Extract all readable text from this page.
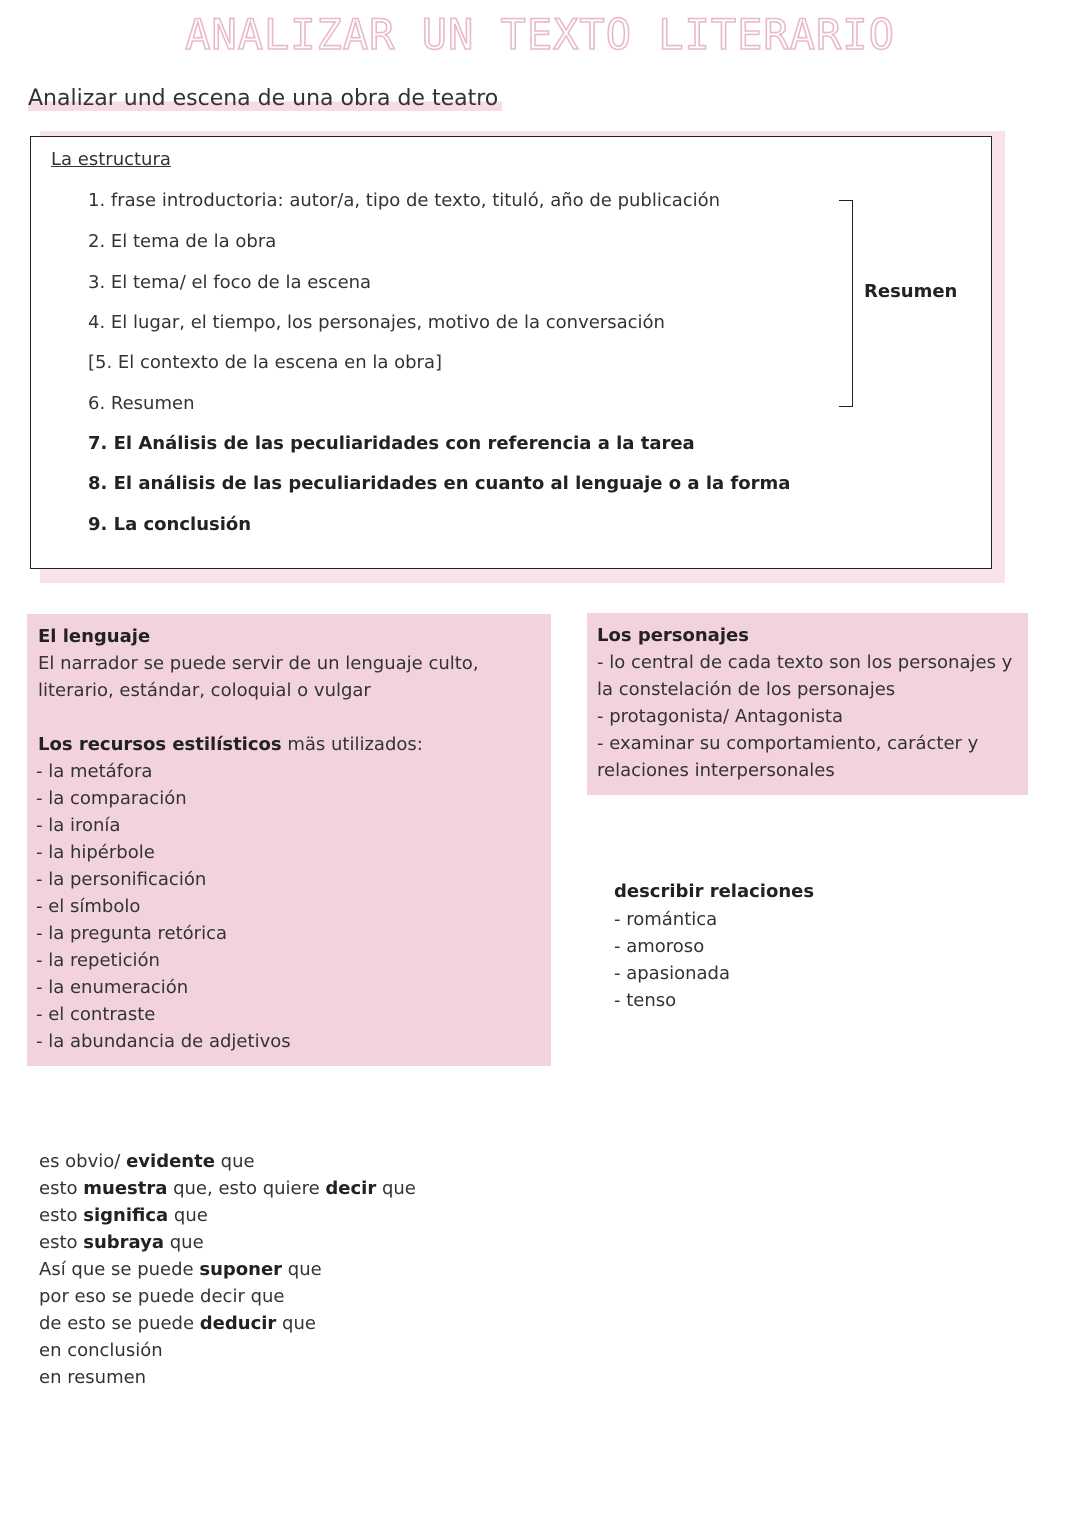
ANALIZAR UN TEXTO LITERARIO
Analizar und escena de una obra de teatro
La estructura
1. frase introductoria: autor/a, tipo de texto, tituló, año de publicación
2. El tema de la obra
3. El tema/ el foco de la escena
4. El lugar, el tiempo, los personajes, motivo de la conversación
[5. El contexto de la escena en la obra]
6. Resumen
7. El Análisis de las peculiaridades con referencia a la tarea
8. El análisis de las peculiaridades en cuanto al lenguaje o a la forma
9. La conclusión
Resumen
El lenguaje
El narrador se puede servir de un lenguaje culto,
literario, estándar, coloquial o vulgar
Los recursos estilísticos mäs utilizados:
- la metáfora
- la comparación
- la ironía
- la hipérbole
- la personificación
- el símbolo
- la pregunta retórica
- la repetición
- la enumeración
- el contraste
- la abundancia de adjetivos
Los personajes
- lo central de cada texto son los personajes y
la constelación de los personajes
- protagonista/ Antagonista
- examinar su comportamiento, carácter y
relaciones interpersonales
describir relaciones
- romántica
- amoroso
- apasionada
- tenso
es obvio/ evidente que
esto muestra que, esto quiere decir que
esto significa que
esto subraya que
Así que se puede suponer que
por eso se puede decir que
de esto se puede deducir que
en conclusión
en resumen
